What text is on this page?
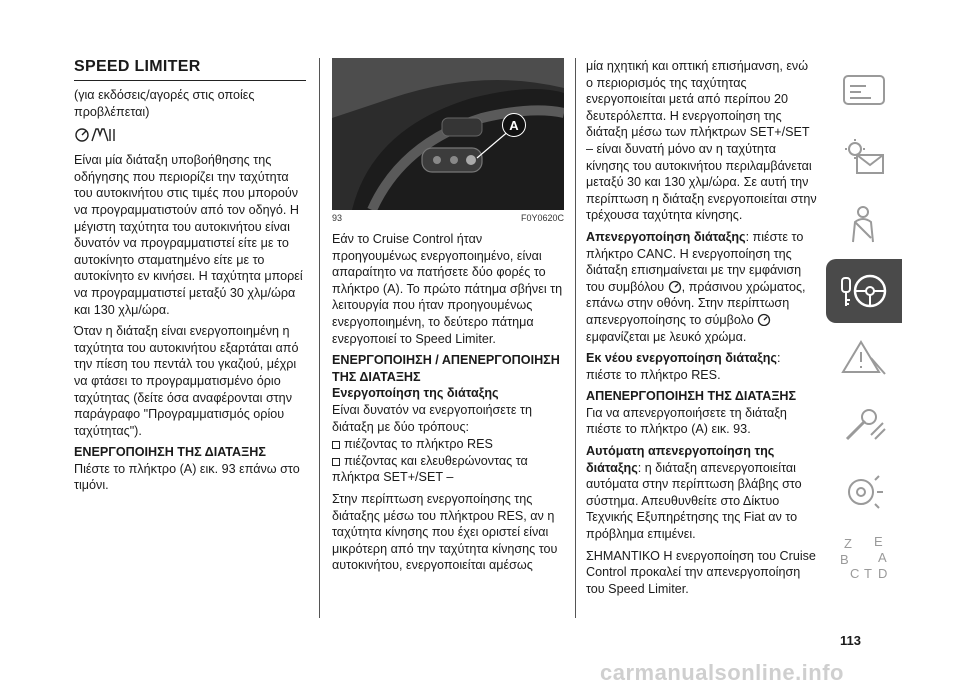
SPEED LIMITER

(για εκδόσεις/αγορές στις οποίες προβλέπεται)

Είναι μία διάταξη υποβοήθησης της οδήγησης που περιορίζει την ταχύτητα του αυτοκινήτου στις τιμές που μπορούν να προγραμματιστούν από τον οδηγό. Η μέγιστη ταχύτητα του αυτοκινήτου είναι δυνατόν να προγραμματιστεί είτε με το αυτοκίνητο σταματημένο είτε με το αυτοκίνητο εν κινήσει. Η ταχύτητα μπορεί να προγραμματιστεί μεταξύ 30 χλμ/ώρα και 130 χλμ/ώρα.

Όταν η διάταξη είναι ενεργοποιημένη η ταχύτητα του αυτοκινήτου εξαρτάται από την πίεση του πεντάλ του γκαζιού, μέχρι να φτάσει το προγραμματισμένο όριο ταχύτητας (δείτε όσα αναφέρονται στην παράγραφο "Προγραμματισμός ορίου ταχύτητας").

ΕΝΕΡΓΟΠΟΙΗΣΗ ΤΗΣ ΔΙΑΤΑΞΗΣ

Πιέστε το πλήκτρο (A) εικ. 93 επάνω στο τιμόνι.

A
93	F0Y0620C

Εάν το Cruise Control ήταν προηγουμένως ενεργοποιημένο, είναι απαραίτητο να πατήσετε δύο φορές το πλήκτρο (A). Το πρώτο πάτημα σβήνει τη λειτουργία που ήταν προηγουμένως ενεργοποιημένη, το δεύτερο πάτημα ενεργοποιεί το Speed Limiter.

ΕΝΕΡΓΟΠΟΙΗΣΗ / ΑΠΕΝΕΡΓΟΠΟΙΗΣΗ ΤΗΣ ΔΙΑΤΑΞΗΣ
Ενεργοποίηση της διάταξης

Είναι δυνατόν να ενεργοποιήσετε τη διάταξη με δύο τρόπους:

πιέζοντας το πλήκτρο RES
πιέζοντας και ελευθερώνοντας τα πλήκτρα SET+/SET –

Στην περίπτωση ενεργοποίησης της διάταξης μέσω του πλήκτρου RES, αν η ταχύτητα κίνησης που έχει οριστεί είναι μικρότερη από την ταχύτητα κίνησης του αυτοκινήτου, ενεργοποιείται αμέσως

μία ηχητική και οπτική επισήμανση, ενώ ο περιορισμός της ταχύτητας ενεργοποιείται μετά από περίπου 20 δευτερόλεπτα. Η ενεργοποίηση της διάταξη μέσω των πλήκτρων SET+/SET – είναι δυνατή μόνο αν η ταχύτητα κίνησης του αυτοκινήτου περιλαμβάνεται μεταξύ 30 και 130 χλμ/ώρα. Σε αυτή την περίπτωση η διάταξη ενεργοποιείται στην τρέχουσα ταχύτητα κίνησης.

Απενεργοποίηση διάταξης: πιέστε το πλήκτρο CANC. Η ενεργοποίηση της διάταξη επισημαίνεται με την εμφάνιση του συμβόλου , πράσινου χρώματος, επάνω στην οθόνη. Στην περίπτωση απενεργοποίησης το σύμβολο  εμφανίζεται με λευκό χρώμα.

Εκ νέου ενεργοποίηση διάταξης: πιέστε το πλήκτρο RES.

ΑΠΕΝΕΡΓΟΠΟΙΗΣΗ ΤΗΣ ΔΙΑΤΑΞΗΣ

Για να απενεργοποιήσετε τη διάταξη πιέστε το πλήκτρο (A) εικ. 93.

Αυτόματη απενεργοποίηση της διάταξης: η διάταξη απενεργοποιείται αυτόματα στην περίπτωση βλάβης στο σύστημα. Απευθυνθείτε στο Δίκτυο Τεχνικής Εξυπηρέτησης της Fiat αν το πρόβλημα επιμένει.

ΣΗΜΑΝΤΙΚΟ Η ενεργοποίηση του Cruise Control προκαλεί την απενεργοποίηση του Speed Limiter.

Z E
B
C
A
T D
113
carmanualsonline.info
